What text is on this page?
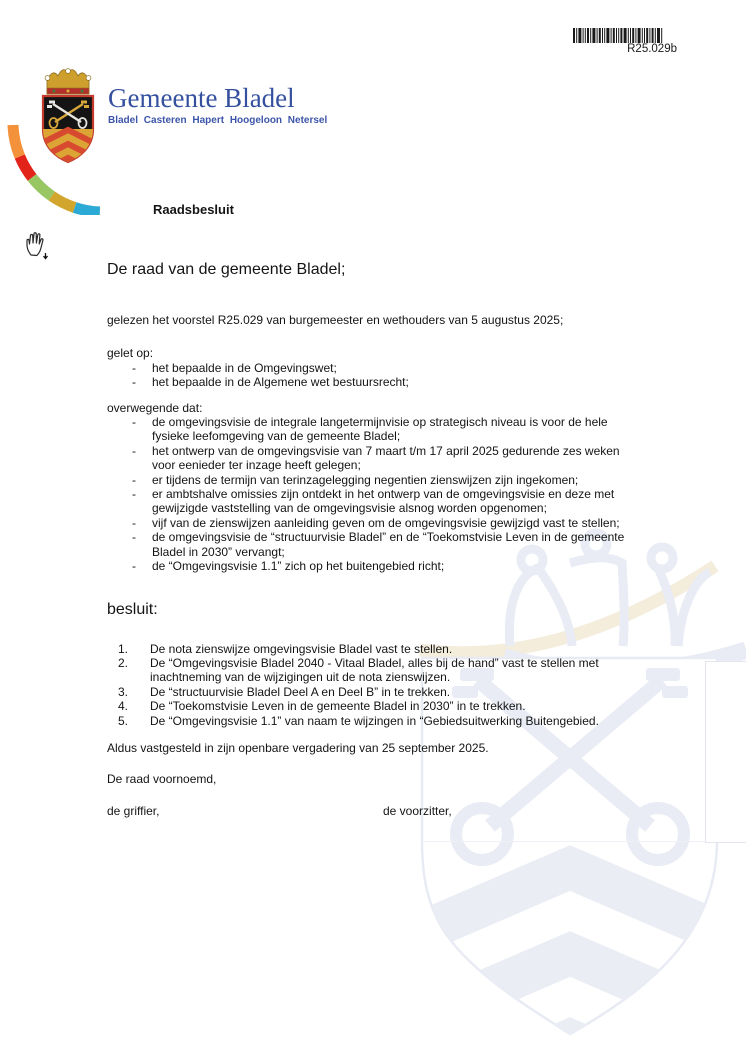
R25.029b
Gemeente Bladel
Bladel Casteren Hapert Hoogeloon Netersel
Raadsbesluit
De raad van de gemeente Bladel;
gelezen het voorstel R25.029 van burgemeester en wethouders van 5 augustus 2025;
gelet op:
- het bepaalde in de Omgevingswet;
- het bepaalde in de Algemene wet bestuursrecht;
overwegende dat:
- de omgevingsvisie de integrale langetermijnvisie op strategisch niveau is voor de hele fysieke leefomgeving van de gemeente Bladel;
- het ontwerp van de omgevingsvisie van 7 maart t/m 17 april 2025 gedurende zes weken voor eenieder ter inzage heeft gelegen;
- er tijdens de termijn van terinzagelegging negentien zienswijzen zijn ingekomen;
- er ambtshalve omissies zijn ontdekt in het ontwerp van de omgevingsvisie en deze met gewijzigde vaststelling van de omgevingsvisie alsnog worden opgenomen;
- vijf van de zienswijzen aanleiding geven om de omgevingsvisie gewijzigd vast te stellen;
- de omgevingsvisie de “structuurvisie Bladel” en de “Toekomstvisie Leven in de gemeente Bladel in 2030” vervangt;
- de “Omgevingsvisie 1.1” zich op het buitengebied richt;
besluit:
1. De nota zienswijze omgevingsvisie Bladel vast te stellen.
2. De “Omgevingsvisie Bladel 2040 - Vitaal Bladel, alles bij de hand” vast te stellen met inachtneming van de wijzigingen uit de nota zienswijzen.
3. De “structuurvisie Bladel Deel A en Deel B” in te trekken.
4. De “Toekomstvisie Leven in de gemeente Bladel in 2030” in te trekken.
5. De “Omgevingsvisie 1.1” van naam te wijzingen in “Gebiedsuitwerking Buitengebied.
Aldus vastgesteld in zijn openbare vergadering van 25 september 2025.
De raad voornoemd,
de griffier,	de voorzitter,
